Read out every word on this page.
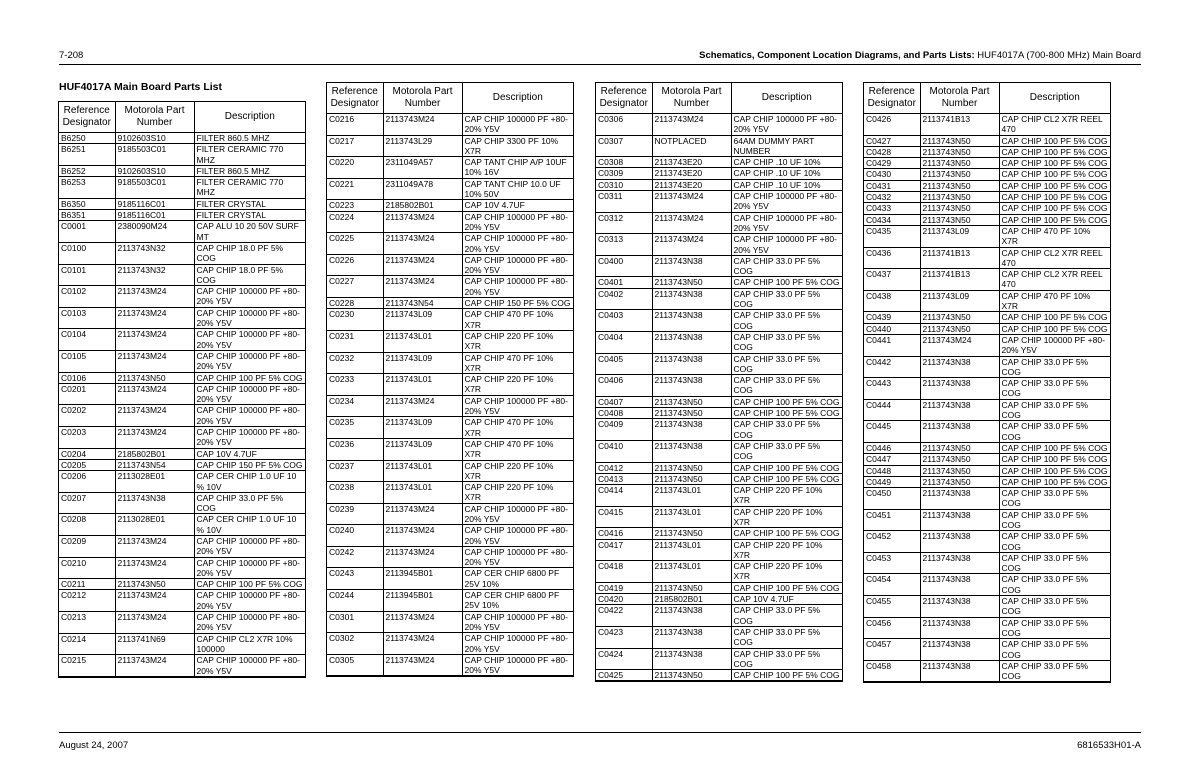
7-208	Schematics, Component Location Diagrams, and Parts Lists: HUF4017A (700-800 MHz) Main Board
HUF4017A Main Board Parts List
Reference Designator	Motorola Part Number	Description
B6250	9102603S10	FILTER 860.5 MHZ
B6251	9185503C01	FILTER CERAMIC 770 MHZ
B6252	9102603S10	FILTER 860.5 MHZ
B6253	9185503C01	FILTER CERAMIC 770 MHZ
B6350	9185116C01	FILTER CRYSTAL
B6351	9185116C01	FILTER CRYSTAL
C0001	2380090M24	CAP ALU 10 20 50V SURF MT
C0100	2113743N32	CAP CHIP 18.0 PF 5% COG
C0101	2113743N32	CAP CHIP 18.0 PF 5% COG
C0102	2113743M24	CAP CHIP 100000 PF +80-20% Y5V
C0103	2113743M24	CAP CHIP 100000 PF +80-20% Y5V
C0104	2113743M24	CAP CHIP 100000 PF +80-20% Y5V
C0105	2113743M24	CAP CHIP 100000 PF +80-20% Y5V
C0106	2113743N50	CAP CHIP 100 PF 5% COG
C0201	2113743M24	CAP CHIP 100000 PF +80-20% Y5V
C0202	2113743M24	CAP CHIP 100000 PF +80-20% Y5V
C0203	2113743M24	CAP CHIP 100000 PF +80-20% Y5V
C0204	2185802B01	CAP 10V 4.7UF
C0205	2113743N54	CAP CHIP 150 PF 5% COG
C0206	2113028E01	CAP CER CHIP 1.0 UF 10 % 10V
C0207	2113743N38	CAP CHIP 33.0 PF 5% COG
C0208	2113028E01	CAP CER CHIP 1.0 UF 10 % 10V
C0209	2113743M24	CAP CHIP 100000 PF +80-20% Y5V
C0210	2113743M24	CAP CHIP 100000 PF +80-20% Y5V
C0211	2113743N50	CAP CHIP 100 PF 5% COG
C0212	2113743M24	CAP CHIP 100000 PF +80-20% Y5V
C0213	2113743M24	CAP CHIP 100000 PF +80-20% Y5V
C0214	2113741N69	CAP CHIP CL2 X7R 10% 100000
C0215	2113743M24	CAP CHIP 100000 PF +80-20% Y5V
Reference Designator	Motorola Part Number	Description
C0216	2113743M24	CAP CHIP 100000 PF +80-20% Y5V
C0217	2113743L29	CAP CHIP 3300 PF 10% X7R
C0220	2311049A57	CAP TANT CHIP A/P 10UF 10% 16V
C0221	2311049A78	CAP TANT CHIP 10.0 UF 10% 50V
C0223	2185802B01	CAP 10V 4.7UF
C0224	2113743M24	CAP CHIP 100000 PF +80-20% Y5V
C0225	2113743M24	CAP CHIP 100000 PF +80-20% Y5V
C0226	2113743M24	CAP CHIP 100000 PF +80-20% Y5V
C0227	2113743M24	CAP CHIP 100000 PF +80-20% Y5V
C0228	2113743N54	CAP CHIP 150 PF 5% COG
C0230	2113743L09	CAP CHIP 470 PF 10% X7R
C0231	2113743L01	CAP CHIP 220 PF 10% X7R
C0232	2113743L09	CAP CHIP 470 PF 10% X7R
C0233	2113743L01	CAP CHIP 220 PF 10% X7R
C0234	2113743M24	CAP CHIP 100000 PF +80-20% Y5V
C0235	2113743L09	CAP CHIP 470 PF 10% X7R
C0236	2113743L09	CAP CHIP 470 PF 10% X7R
C0237	2113743L01	CAP CHIP 220 PF 10% X7R
C0238	2113743L01	CAP CHIP 220 PF 10% X7R
C0239	2113743M24	CAP CHIP 100000 PF +80-20% Y5V
C0240	2113743M24	CAP CHIP 100000 PF +80-20% Y5V
C0242	2113743M24	CAP CHIP 100000 PF +80-20% Y5V
C0243	2113945B01	CAP CER CHIP 6800 PF 25V 10%
C0244	2113945B01	CAP CER CHIP 6800 PF 25V 10%
C0301	2113743M24	CAP CHIP 100000 PF +80-20% Y5V
C0302	2113743M24	CAP CHIP 100000 PF +80-20% Y5V
C0305	2113743M24	CAP CHIP 100000 PF +80-20% Y5V
Reference Designator	Motorola Part Number	Description
C0306	2113743M24	CAP CHIP 100000 PF +80-20% Y5V
C0307	NOTPLACED	64AM DUMMY PART NUMBER
C0308	2113743E20	CAP CHIP .10 UF 10%
C0309	2113743E20	CAP CHIP .10 UF 10%
C0310	2113743E20	CAP CHIP .10 UF 10%
C0311	2113743M24	CAP CHIP 100000 PF +80-20% Y5V
C0312	2113743M24	CAP CHIP 100000 PF +80-20% Y5V
C0313	2113743M24	CAP CHIP 100000 PF +80-20% Y5V
C0400	2113743N38	CAP CHIP 33.0 PF 5% COG
C0401	2113743N50	CAP CHIP 100 PF 5% COG
C0402	2113743N38	CAP CHIP 33.0 PF 5% COG
C0403	2113743N38	CAP CHIP 33.0 PF 5% COG
C0404	2113743N38	CAP CHIP 33.0 PF 5% COG
C0405	2113743N38	CAP CHIP 33.0 PF 5% COG
C0406	2113743N38	CAP CHIP 33.0 PF 5% COG
C0407	2113743N50	CAP CHIP 100 PF 5% COG
C0408	2113743N50	CAP CHIP 100 PF 5% COG
C0409	2113743N38	CAP CHIP 33.0 PF 5% COG
C0410	2113743N38	CAP CHIP 33.0 PF 5% COG
C0412	2113743N50	CAP CHIP 100 PF 5% COG
C0413	2113743N50	CAP CHIP 100 PF 5% COG
C0414	2113743L01	CAP CHIP 220 PF 10% X7R
C0415	2113743L01	CAP CHIP 220 PF 10% X7R
C0416	2113743N50	CAP CHIP 100 PF 5% COG
C0417	2113743L01	CAP CHIP 220 PF 10% X7R
C0418	2113743L01	CAP CHIP 220 PF 10% X7R
C0419	2113743N50	CAP CHIP 100 PF 5% COG
C0420	2185802B01	CAP 10V 4.7UF
C0422	2113743N38	CAP CHIP 33.0 PF 5% COG
C0423	2113743N38	CAP CHIP 33.0 PF 5% COG
C0424	2113743N38	CAP CHIP 33.0 PF 5% COG
C0425	2113743N50	CAP CHIP 100 PF 5% COG
Reference Designator	Motorola Part Number	Description
C0426	2113741B13	CAP CHIP CL2 X7R REEL 470
C0427	2113743N50	CAP CHIP 100 PF 5% COG
C0428	2113743N50	CAP CHIP 100 PF 5% COG
C0429	2113743N50	CAP CHIP 100 PF 5% COG
C0430	2113743N50	CAP CHIP 100 PF 5% COG
C0431	2113743N50	CAP CHIP 100 PF 5% COG
C0432	2113743N50	CAP CHIP 100 PF 5% COG
C0433	2113743N50	CAP CHIP 100 PF 5% COG
C0434	2113743N50	CAP CHIP 100 PF 5% COG
C0435	2113743L09	CAP CHIP 470 PF 10% X7R
C0436	2113741B13	CAP CHIP CL2 X7R REEL 470
C0437	2113741B13	CAP CHIP CL2 X7R REEL 470
C0438	2113743L09	CAP CHIP 470 PF 10% X7R
C0439	2113743N50	CAP CHIP 100 PF 5% COG
C0440	2113743N50	CAP CHIP 100 PF 5% COG
C0441	2113743M24	CAP CHIP 100000 PF +80-20% Y5V
C0442	2113743N38	CAP CHIP 33.0 PF 5% COG
C0443	2113743N38	CAP CHIP 33.0 PF 5% COG
C0444	2113743N38	CAP CHIP 33.0 PF 5% COG
C0445	2113743N38	CAP CHIP 33.0 PF 5% COG
C0446	2113743N50	CAP CHIP 100 PF 5% COG
C0447	2113743N50	CAP CHIP 100 PF 5% COG
C0448	2113743N50	CAP CHIP 100 PF 5% COG
C0449	2113743N50	CAP CHIP 100 PF 5% COG
C0450	2113743N38	CAP CHIP 33.0 PF 5% COG
C0451	2113743N38	CAP CHIP 33.0 PF 5% COG
C0452	2113743N38	CAP CHIP 33.0 PF 5% COG
C0453	2113743N38	CAP CHIP 33.0 PF 5% COG
C0454	2113743N38	CAP CHIP 33.0 PF 5% COG
C0455	2113743N38	CAP CHIP 33.0 PF 5% COG
C0456	2113743N38	CAP CHIP 33.0 PF 5% COG
C0457	2113743N38	CAP CHIP 33.0 PF 5% COG
C0458	2113743N38	CAP CHIP 33.0 PF 5% COG
August 24, 2007	6816533H01-A
